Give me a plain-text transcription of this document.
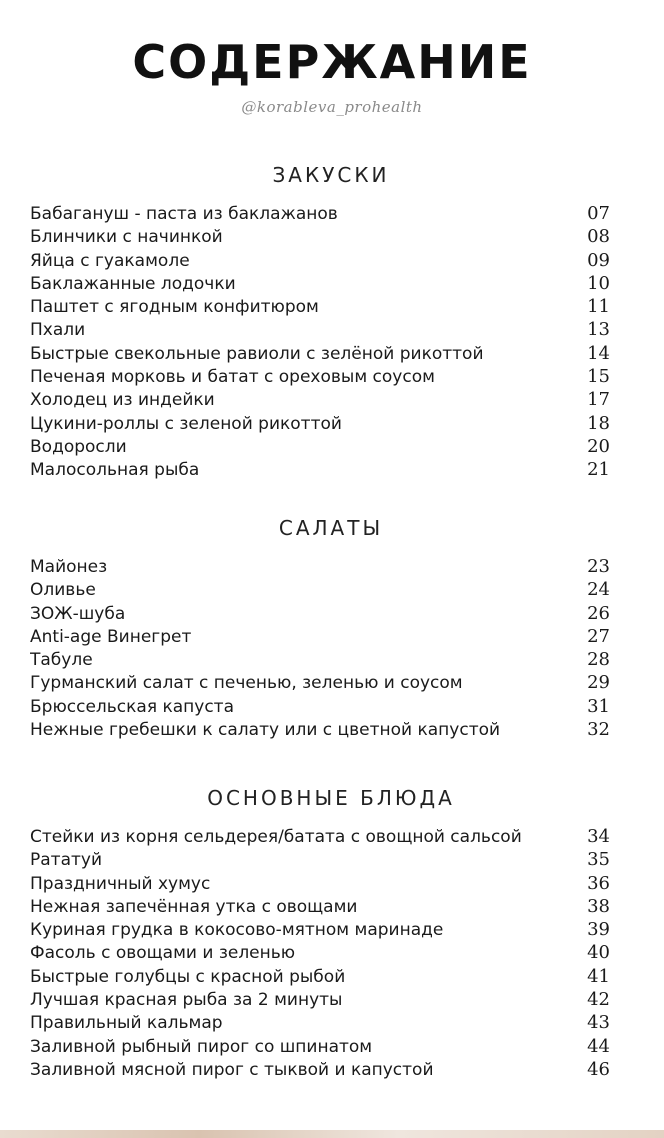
СОДЕРЖАНИЕ
@korableva_prohealth
ЗАКУСКИ
Бабагануш - паста из баклажанов	07
Блинчики с начинкой	08
Яйца с гуакамоле	09
Баклажанные лодочки	10
Паштет с ягодным конфитюром	11
Пхали	13
Быстрые свекольные равиоли с зелёной рикоттой	14
Печеная морковь и батат с ореховым соусом	15
Холодец из индейки	17
Цукини-роллы с зеленой рикоттой	18
Водоросли	20
Малосольная рыба	21
САЛАТЫ
Майонез	23
Оливье	24
ЗОЖ-шуба	26
Anti-age Винегрет	27
Табуле	28
Гурманский салат с печенью, зеленью и соусом	29
Брюссельская капуста	31
Нежные гребешки к салату или с цветной капустой	32
ОСНОВНЫЕ БЛЮДА
Стейки из корня сельдерея/батата с овощной сальсой	34
Рататуй	35
Праздничный хумус	36
Нежная запечённая утка с овощами	38
Куриная грудка в кокосово-мятном маринаде	39
Фасоль с овощами и зеленью	40
Быстрые голубцы с красной рыбой	41
Лучшая красная рыба за 2 минуты	42
Правильный кальмар	43
Заливной рыбный пирог со шпинатом	44
Заливной мясной пирог с тыквой и капустой	46
